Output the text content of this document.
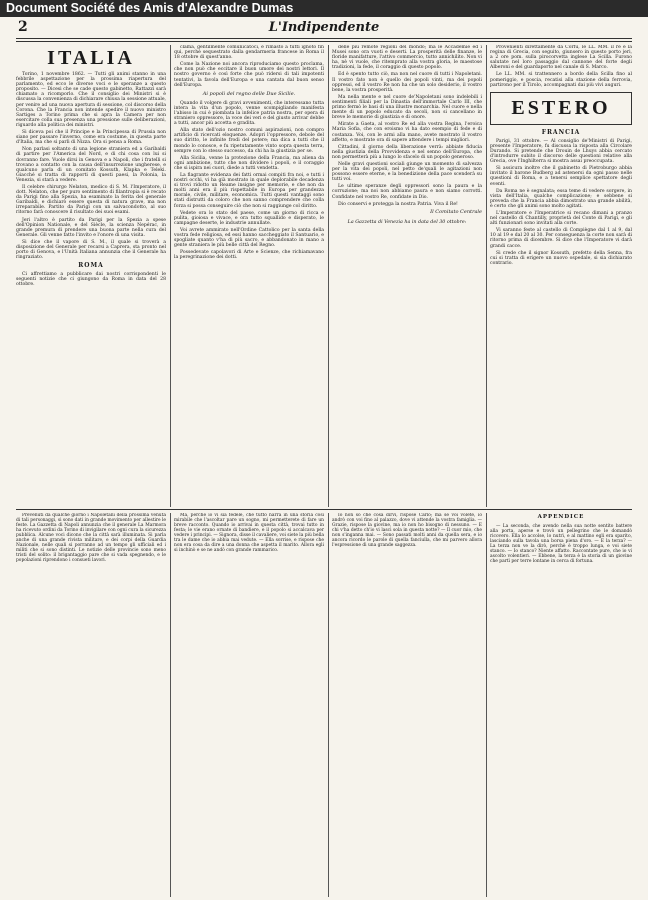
Document Société des Amis d'Alexandre Dumas
2	L'Indipendente

ITALIA

Torino, 1 novembre 1862. — Tutti gli animi stanno in una febbrile aspettazione per la prossima riapertura del parlamento, ed ecco le diverse voci e le speranze a questo proposito. — Dicesi che se cade questo gabinetto, Rattazzi sarà chiamato a ricomporlo. Che il consiglio dei Ministri si è discussa la convenienza di dichiarare chiusa la sessione attuale, per venire ad una nuova apertura di sessione, col discorso della Corona. Che la Francia non intende spedire il nuovo ministro Sartiges a Torino prima che si apra la Camera per non esercitare colla sua presenza una pressione sulle deliberazioni, riguardo alla politica dei ministri.

Si diceva poi che il Principe e la Principessa di Prussia non siano per passare l'inverno, come era costume, in questa parte d'Italia, ma che si parli di Nizza. Ora si pensa a Roma.

Non parlasi soltanto di una legione straniera ed a Garibaldi di partire per l'America del Nord, e di chi cosa con lui si dovranno fare. Vuole dirsi in Genova e a Napoli, che i fratelli si trovano a contatto con la causa dell'insurrezione ungherese, e qualcuno parla di un comitato Kossuth, Klapka e Teleki. Giacché si tratta di rapporti di questi paesi, la Polonia, la Venezia, si starà a vedere.

Il celebre chirurgo Nelaton, medico di S. M. l'Imperatore, il dott. Nelaton, che per puro sentimento di filantropia si è recato da Parigi fino alla Spezia, ha esaminato la ferita del generale Garibaldi, e dichiarò essere questa di natura grave, ma non irreparabile. Partito da Parigi con un salvacondotto, al suo ritorno farà conoscere il risultato dei suoi esami.

Jeri l'altro è partito da Parigi per la Spezia a spese dell'Opinion Nationale, e del Siècle, la scienza Nepérac, in grande premura di prendere una buona parte nella cura del Generale. Gli venne fatto l'invito e l'onore di una visita.

Si dice che il vapore di S. M., il quale si troverà a disposizione del Generale per recarsi a Caprera, sta pronto nel porto di Genova, e l'Unità Italiana annunzia che il Generale ha ringraziato.

ROMA

Ci affrettiamo a pubblicare dai nostri corrispondenti le seguenti notizie che ci giungono da Roma in data del 28 ottobre.

clama, gentilmente comunicatoci, e rimasto a tutti ignoto fin qui, perchè sequestrato dalla gendarmeria francese in Roma il 18 ottobre di quest'anno.

Come la Nazione noi ancora riproduciamo questo proclama, che non può che eccitare il buon umore dei nostri lettori. Il nostro governo è così forte che può ridersi di tali impotenti tentativi, la favola dell'Europa e una cantata dal buon senso dell'Europa.

Ai popoli del regno delle Due Sicilie.

Quando il volgere di gravi avvenimenti, che interessano tutta intera la vita d'un popolo, venne scompigliando manifesta l'abisso in cui è piombata la infelice patria nostra, per opera di straniero oppressore, la voce dei veri e del giusto arrivar debbe a tutti, ancor più accetta e gradita.

Alla stato dell'ozio nostro comuni aspirazioni, non compro artificio di ricercati eloquenze. Adopri l'oppressore, debole del suo diritto, le infinite frodi del potere; ma dica a tutti che il mondo lo conosce, e fu ripetutamente vinto sopra questa terra, sempre con lo stesso successo, da chi ha la giustizia per se.

Alla Sicilia, venne la protezione della Francia, ma aliena da ogni ambizione, tutto che non dividere i popoli, e il coraggio che si ispira nei cuori, diede a tutti vendetta.

La flagrante evidenza dei fatti ormai compiti fra noi, e tutti i nostri occhi, vi ha già mostrato in quale deplorabile decadenza si trovi ridotto un Reame insigne per memorie, e che non da molti anni era il più rispettabile in Europa per grandezza morale, civile, militare, economica. Tutti questi vantaggi sono stati distrutti da coloro che non sanno comprendere che colla forza si possa conseguire ciò che non si raggiunge col diritto.

Vedete ora lo stato del paese, come un giorno di ricca e pulita, gioiosa e vivace, e ora tutto squallido e disperato, le campagne deserte, le industrie annullate.

Voi avrete ammirato nell'Ordine Cattolico per la santa della vostra fede religiosa, ed essi hanno saccheggiato il Santuario, e spogliate quanto v'ha di più sacro, e abbandonato in mano a gente straniera le più belle città del Regno.

Possedevate capolavori di Arte e Scienze, che richiamavano la peregrinazione dei dotti.

delle più remote regioni del mondo; ma le Accademie ed i Musei sono ora vuoti e deserti. La prosperità delle finanze, le floride manifatture, l'attivo commercio, tutto annichilito. Non vi ha, nè vi vuole, che ritemprato alla vostra gloria, le maestose tradizioni, la fede, il coraggio di questo popolo.

Ed è spento tutto ciò, ma non nel cuore di tutti i Napoletani. Il vostro fato non è quello dei popoli vinti, ma dei popoli oppressi, ed il vostro Re non ha che un solo desiderio, il vostro bene, la vostra prosperità.

Ma nella mente e nel cuore de'Napoletani sono indelebili i sentimenti filiali per la Dinastia dell'immortale Carlo III, che primo fermò le basi di una illustre monarchia. Nel cuore e nella mente di un popolo educato da secoli, non si cancellano in breve le memorie di giustizia e di onore.

Mirate a Gaeta, al vostro Re ed alla vostra Regina, l'eroica Maria Sofia, che con eroismo vi ha dato esempio di fede e di costanza. Voi, con le armi alla mano, avete mostrato il vostro affetto, e mostrate ora di sapere attendere i tempi migliori.

Cittadini, il giorno della liberazione verrà: abbiate fiducia nella giustizia della Provvidenza e nel senno dell'Europa, che non permetterà più a lungo lo sfacelo di un popolo generoso.

Nelle gravi questioni sociali giunge un momento di salvezza per la vita dei popoli, nel petto de'quali le agitazioni non possono essere eterne, e la benedizione della pace scenderà su tutti voi.

Le ultime speranze degli oppressori sono la paura e la corruzione; ma noi non abbiamo paura e non siamo corrotti. Confidate nel vostro Re, confidate in Dio.

Dio conservi e protegga la nostra Patria. Viva il Re!

Il Comitato Centrale

La Gazzetta di Venezia ha in data del 30 ottobre:

Provenienti direttamente da Corfù, le LL. MM. il re e la regina di Grecia, con seguito, giunsero in questo porto jeri, a 2 ore pom. sulla pirocorvetta inglese La Scilla. Furono salutate nel loro passaggio dal cannone del forte degli Alberoni e del guardaporto nel canale di S. Marco.

Le LL. MM. si trattennero a bordo della Scilla fino al pomeriggio, e poscia, recatisi alla stazione della ferrovia, partirono per il Tirolo, accompagnati dai più vivi auguri.

ESTERO

FRANCIA

Parigi, 31 ottobre. — Al consiglio de'Ministri di Parigi, presente l'Imperatore, fu discussa la risposta alla Circolare Durando. Si pretende che Drouin de Lhuys abbia cercato d'introdurre subito il discorso delle questioni relative alla Grecia, ove l'Inghilterra si mostra assai preoccupata.

Si assicura inoltre che il gabinetto di Pietroburgo abbia invitato il barone Budberg ad astenersi da ogni passo nelle questioni di Roma, e a tenersi semplice spettatore degli eventi.

Da Roma ne è segnalata; essa teme di vedere sorgere, in vista dell'Italia, qualche complicazione; e sebbene si preveda che la Francia abbia dimostrato una grande abilità, è certo che gli animi sono molto agitati.

L'Imperatore e l'Imperatrice si recano dimani a pranzo nel castello di Chantilly, proprietà del Conte di Parigi, e gli alti funzionari sono invitati alla corte.

Vi saranno feste al castello di Compiègne dal 1 al 9, dal 10 al 19 e dal 20 al 30. Per conseguenza la corte non sarà di ritorno prima di dicembre. Si dice che l'Imperatore vi darà grandi cacce.

Si crede che il signor Kossuth, prefetto della Senna, fra cui si tratta di erigere un nuovo ospedale, si sia dichiarato contrario.

Prevenuti da qualche giorno i Napoletani della prossima venuta di tali personaggi, si sono dati in grande movimento per allestire le feste. La Gazzetta di Napoli annunzia che il generale La Marmora ha ricevuto ordini da Torino di invigilare con ogni cura la sicurezza pubblica. Alcune voci dicono che la città sarà illuminata. Si parla anche di una grande rivista militare, e dei corpi della Guardia Nazionale, nelle quali si porranno ad un tempo gli ufficiali ed i militi che si sono distinti. Le notizie delle provincie sono meno tristi del solito: il brigantaggio pare che si vada spegnendo, e le popolazioni riprendono i consueti lavori.

Ma, perchè io vi sia fedele, che tutto narra in una storia così mirabile che l'ascoltar pare un sogno, mi permetterete di fare un breve racconto. Quando io arrivai in questa città, trovai tutto in festa; le vie erano ornate di bandiere, e il popolo si accalcava per vedere i principi. — Signora, disse il cavaliere, voi siete la più bella tra le dame che io abbia mai vedute. — Ella sorrise, e rispose che non era cosa da dire a una donna che aspetta il marito. Allora egli si inchinò e se ne andò con grande rammarico.

Io non so che cosa dirvi, rispose Carlo; ma se voi volete, io andrò con voi fino al palazzo, dove vi attende la vostra famiglia. — Grazie, rispose la giovine, ma io non ho bisogno di nessuno. — E chi v'ha detto ch'io vi lasci sola in questa notte? — Il cuor mio, che non s'inganna mai. — Sono passati molti anni da quella sera, e io ancora ricordo le parole di quella fanciulla, che mi parvero allora l'espressione di una grande saggezza.

APPENDICE

— La seconda, che avendo nella sua notte sentito battere alla porta, aperse e trovò un pellegrino che le domandò ricovero. Ella lo accolse, lo nutrì, e al mattino egli era sparito, lasciando sulla tavola una borsa piena d'oro. — E la terza? — La terza non ve la dirò, perchè è troppo lunga, e voi siete stanco. — Io stanco? Niente affatto. Raccontate pure, che io vi ascolto volentieri. — Ebbene, la terza è la storia di un giovine che partì per terre lontane in cerca di fortuna.
